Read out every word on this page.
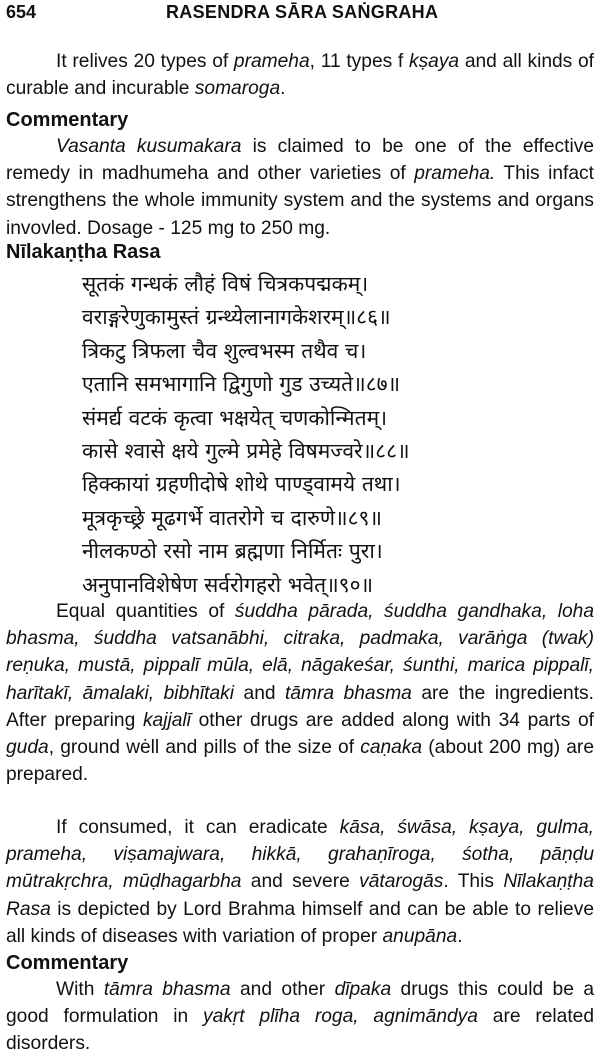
654	RASENDRA SĀRA SAṄGRAHA

It relives 20 types of prameha, 11 types f kṣaya and all kinds of curable and incurable somaroga.

Commentary

Vasanta kusumakara is claimed to be one of the effective remedy in madhumeha and other varieties of prameha. This infact strengthens the whole immunity system and the systems and organs invovled. Dosage - 125 mg to 250 mg.

Nīlakaṇṭha Rasa
सूतकं गन्धकं लौहं विषं चित्रकपद्मकम्।
वराङ्गरेणुकामुस्तं ग्रन्थ्येलानागकेशरम्॥८६॥
त्रिकटु त्रिफला चैव शुल्वभस्म तथैव च।
एतानि समभागानि द्विगुणो गुड उच्यते॥८७॥
संमर्द्य वटकं कृत्वा भक्षयेत् चणकोन्मितम्।
कासे श्वासे क्षये गुल्मे प्रमेहे विषमज्वरे॥८८॥
हिक्कायां ग्रहणीदोषे शोथे पाण्ड्वामये तथा।
मूत्रकृच्छ्रे मूढगर्भे वातरोगे च दारुणे॥८९॥
नीलकण्ठो रसो नाम ब्रह्मणा निर्मितः पुरा।
अनुपानविशेषेण सर्वरोगहरो भवेत्॥९०॥

Equal quantities of śuddha pārada, śuddha gandhaka, loha bhasma, śuddha vatsanābhi, citraka, padmaka, varāṅga (twak) reṇuka, mustā, pippalī mūla, elā, nāgakeśar, śunthi, marica pippalī, harītakī, āmalaki, bibhītaki and tāmra bhasma are the ingredients. After preparing kajjalī other drugs are added along with 34 parts of guda, ground wėll and pills of the size of caṇaka (about 200 mg) are prepared.

If consumed, it can eradicate kāsa, śwāsa, kṣaya, gulma, prameha, viṣamajwara, hikkā, grahaṇīroga, śotha, pāṇḍu mūtrakṛchra, mūḍhagarbha and severe vātarogās. This Nīlakaṇṭha Rasa is depicted by Lord Brahma himself and can be able to relieve all kinds of diseases with variation of proper anupāna.

Commentary

With tāmra bhasma and other dīpaka drugs this could be a good formulation in yakṛt plīha roga, agnimāndya are related disorders.
